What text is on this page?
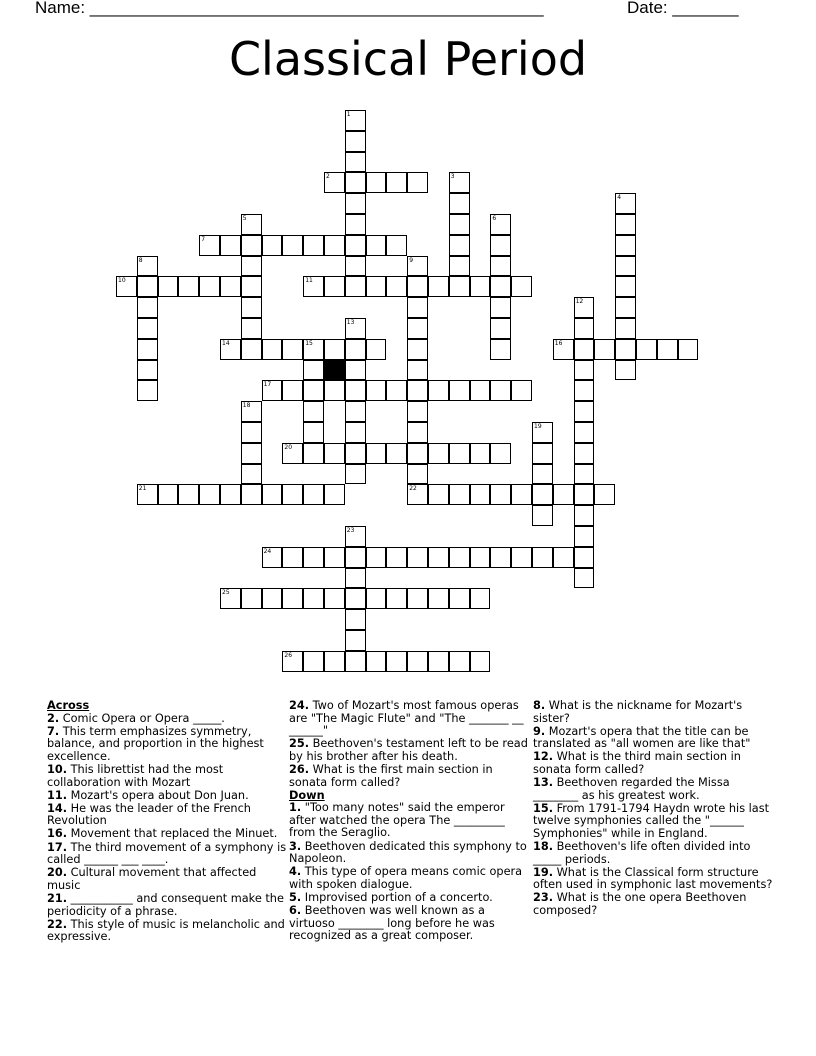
Name: ________________________________________________	Date: _______
Classical Period
1
2	3
4
5	6
7
8	9
22
10	11
12
13
14	15	16
17
18
19
20
21
23
24
25
26
Across
2. Comic Opera or Opera _____.
7. This term emphasizes symmetry, balance, and proportion in the highest excellence.
10. This librettist had the most collaboration with Mozart
11. Mozart's opera about Don Juan.
14. He was the leader of the French Revolution
16. Movement that replaced the Minuet.
17. The third movement of a symphony is called ______ ___ ____.
20. Cultural movement that affected music
21. ___________ and consequent make the periodicity of a phrase.
22. This style of music is melancholic and expressive.
24. Two of Mozart's most famous operas are "The Magic Flute" and "The _______ __ ______"
25. Beethoven's testament left to be read by his brother after his death.
26. What is the first main section in sonata form called?
Down
1. "Too many notes" said the emperor after watched the opera The _________ from the Seraglio.
3. Beethoven dedicated this symphony to Napoleon.
4. This type of opera means comic opera with spoken dialogue.
5. Improvised portion of a concerto.
6. Beethoven was well known as a virtuoso ________ long before he was recognized as a great composer.
8. What is the nickname for Mozart's sister?
9. Mozart's opera that the title can be translated as "all women are like that"
12. What is the third main section in sonata form called?
13. Beethoven regarded the Missa ________ as his greatest work.
15. From 1791-1794 Haydn wrote his last twelve symphonies called the "______ Symphonies" while in England.
18. Beethoven's life often divided into _____ periods.
19. What is the Classical form structure often used in symphonic last movements?
23. What is the one opera Beethoven composed?
